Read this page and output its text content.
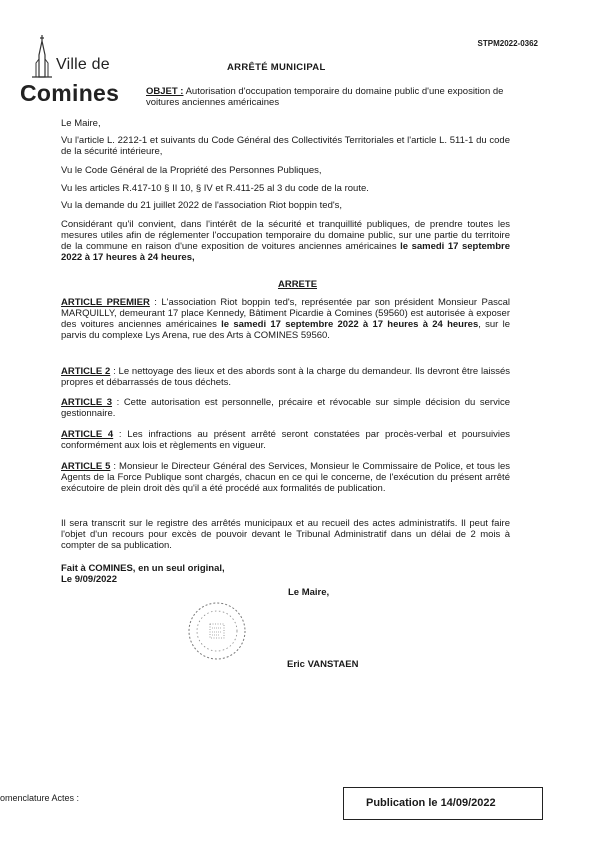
Ville de
Comines
STPM2022-0362
ARRÊTÉ MUNICIPAL
OBJET : Autorisation d'occupation temporaire du domaine public d'une exposition de voitures anciennes américaines
Le Maire,
Vu l'article L. 2212-1 et suivants du Code Général des Collectivités Territoriales et l'article L. 511-1 du code de la sécurité intérieure,
Vu le Code Général de la Propriété des Personnes Publiques,
Vu les articles R.417-10 § II 10, § IV et R.411-25 al 3 du code de la route.
Vu la demande du 21 juillet 2022 de l'association Riot boppin ted's,
Considérant qu'il convient, dans l'intérêt de la sécurité et tranquillité publiques, de prendre toutes les mesures utiles afin de réglementer l'occupation temporaire du domaine public, sur une partie du territoire de la commune en raison d'une exposition de voitures anciennes américaines le samedi 17 septembre 2022 à 17 heures à 24 heures,
ARRETE
ARTICLE PREMIER : L'association Riot boppin ted's, représentée par son président Monsieur Pascal MARQUILLY, demeurant 17 place Kennedy, Bâtiment Picardie à Comines (59560) est autorisée à exposer des voitures anciennes américaines le samedi 17 septembre 2022 à 17 heures à 24 heures, sur le parvis du complexe Lys Arena, rue des Arts à COMINES 59560.
ARTICLE 2 : Le nettoyage des lieux et des abords sont à la charge du demandeur. Ils devront être laissés propres et débarrassés de tous déchets.
ARTICLE 3 : Cette autorisation est personnelle, précaire et révocable sur simple décision du service gestionnaire.
ARTICLE 4 : Les infractions au présent arrêté seront constatées par procès-verbal et poursuivies conformément aux lois et règlements en vigueur.
ARTICLE 5 : Monsieur le Directeur Général des Services, Monsieur le Commissaire de Police, et tous les Agents de la Force Publique sont chargés, chacun en ce qui le concerne, de l'exécution du présent arrêté exécutoire de plein droit dès qu'il a été procédé aux formalités de publication.
Il sera transcrit sur le registre des arrêtés municipaux et au recueil des actes administratifs. Il peut faire l'objet d'un recours pour excès de pouvoir devant le Tribunal Administratif dans un délai de 2 mois à compter de sa publication.
Fait à COMINES, en un seul original,
Le 9/09/2022
Le Maire,
Eric VANSTAEN
omenclature Actes :	Publication le 14/09/2022
